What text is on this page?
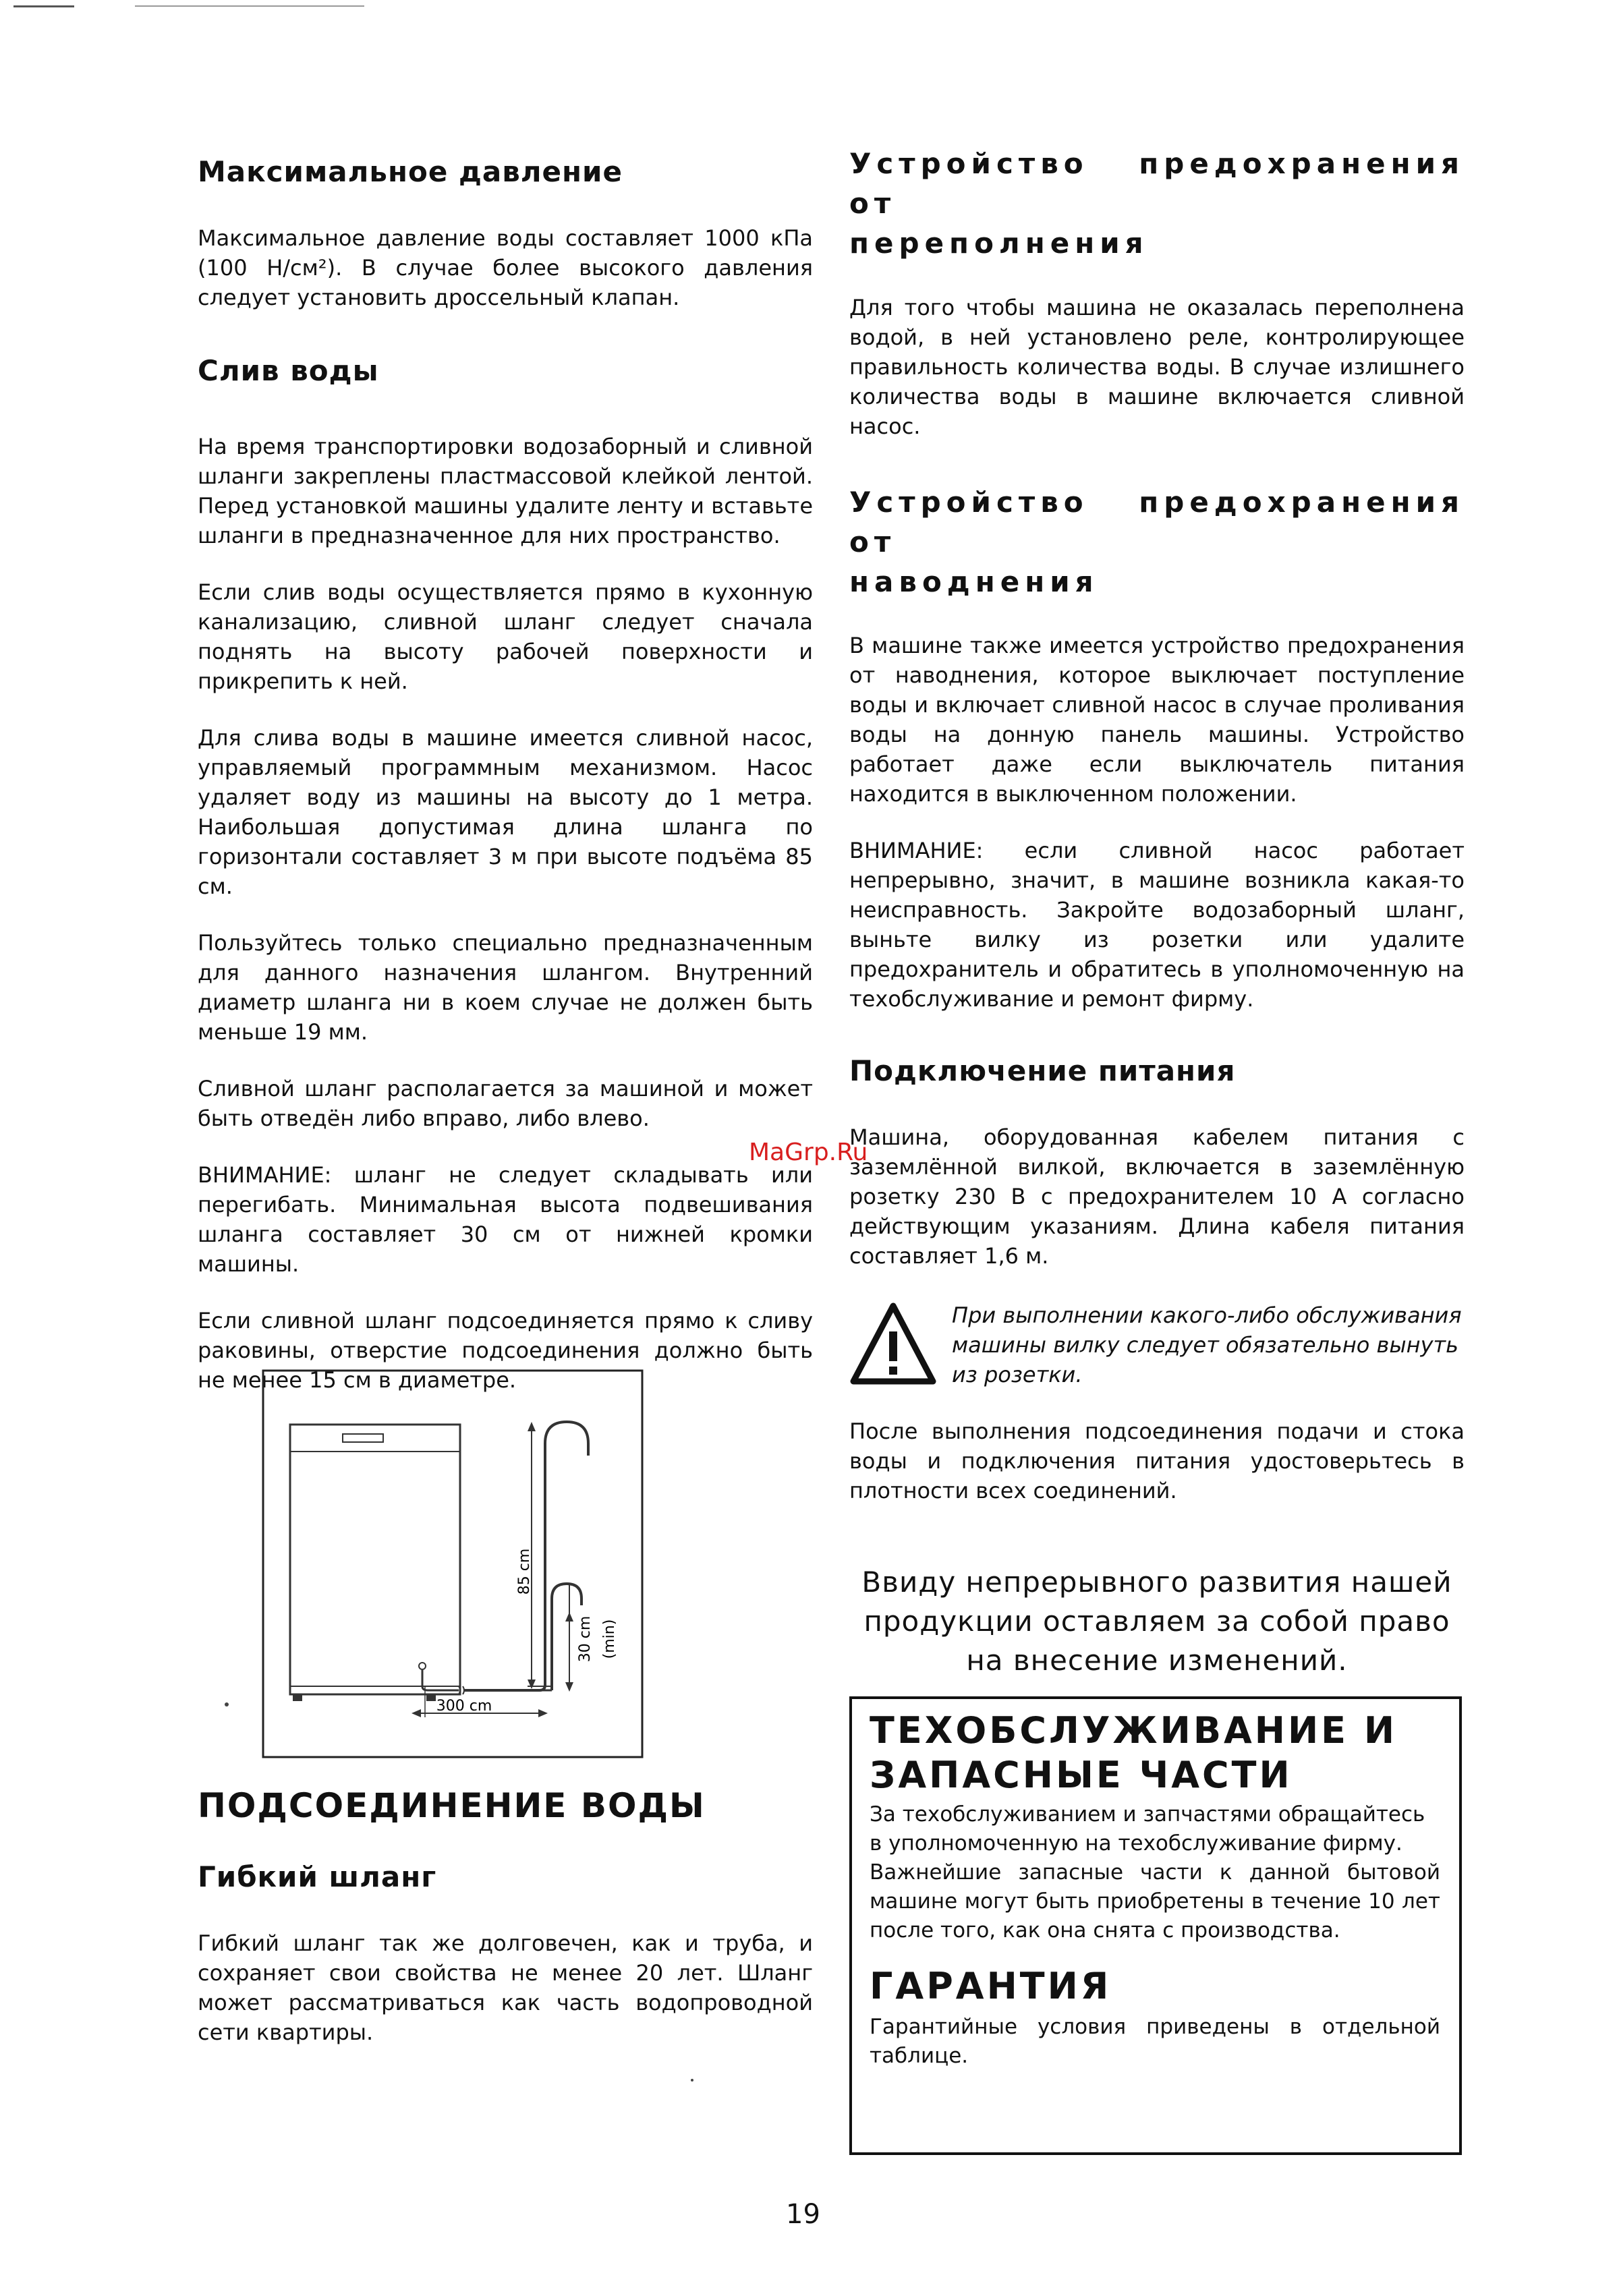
Максимальное давление

Максимальное давление воды составляет 1000 кПа (100 Н/см²). В случае более высокого давления следует установить дроссельный клапан.

Слив воды

На время транспортировки водозаборный и сливной шланги закреплены пластмассовой клейкой лентой. Перед установкой машины удалите ленту и вставьте шланги в предназначенное для них пространство.

Если слив воды осуществляется прямо в кухонную канализацию, сливной шланг следует сначала поднять на высоту рабочей поверхности и прикрепить к ней.

Для слива воды в машине имеется сливной насос, управляемый программным механизмом. Насос удаляет воду из машины на высоту до 1 метра. Наибольшая допустимая длина шланга по горизонтали составляет 3 м при высоте подъёма 85 см.

Пользуйтесь только специально предназначенным для данного назначения шлангом. Внутренний диаметр шланга ни в коем случае не должен быть меньше 19 мм.

Сливной шланг располагается за машиной и может быть отведён либо вправо, либо влево.

ВНИМАНИЕ: шланг не следует складывать или перегибать. Минимальная высота подвешивания шланга составляет 30 см от нижней кромки машины.

Если сливной шланг подсоединяется прямо к сливу раковины, отверстие подсоединения должно быть не менее 15 см в диаметре.

85 cm
30 cm (min)
300 cm
ПОДСОЕДИНЕНИЕ ВОДЫ
Гибкий шланг

Гибкий шланг так же долговечен, как и труба, и сохраняет свои свойства не менее 20 лет. Шланг может рассматриваться как часть водопроводной сети квартиры.

Устройство предохранения от
переполнения

Для того чтобы машина не оказалась переполнена водой, в ней установлено реле, контролирующее правильность количества воды. В случае излишнего количества воды в машине включается сливной насос.

Устройство предохранения от
наводнения

В машине также имеется устройство предохранения от наводнения, которое выключает поступление воды и включает сливной насос в случае проливания воды на донную панель машины. Устройство работает даже если выключатель питания находится в выключенном положении.

ВНИМАНИЕ: если сливной насос работает непрерывно, значит, в машине возникла какая-то неисправность. Закройте водозаборный шланг, выньте вилку из розетки или удалите предохранитель и обратитесь в уполномоченную на техобслуживание и ремонт фирму.

Подключение питания

Машина, оборудованная кабелем питания с заземлённой вилкой, включается в заземлённую розетку 230 В с предохранителем 10 А согласно действующим указаниям. Длина кабеля питания составляет 1,6 м.

При выполнении какого-либо обслуживания машины вилку следует обязательно вынуть из розетки.

После выполнения подсоединения подачи и стока воды и подключения питания удостоверьтесь в плотности всех соединений.

Ввиду непрерывного развития нашей продукции оставляем за собой право на внесение изменений.
ТЕХОБСЛУЖИВАНИЕ И ЗАПАСНЫЕ ЧАСТИ

За техобслуживанием и запчастями обращайтесь в уполномоченную на техобслуживание фирму.

Важнейшие запасные части к данной бытовой машине могут быть приобретены в течение 10 лет после того, как она снята с производства.

ГАРАНТИЯ

Гарантийные условия приведены в отдельной таблице.

MaGrp.Ru
19
